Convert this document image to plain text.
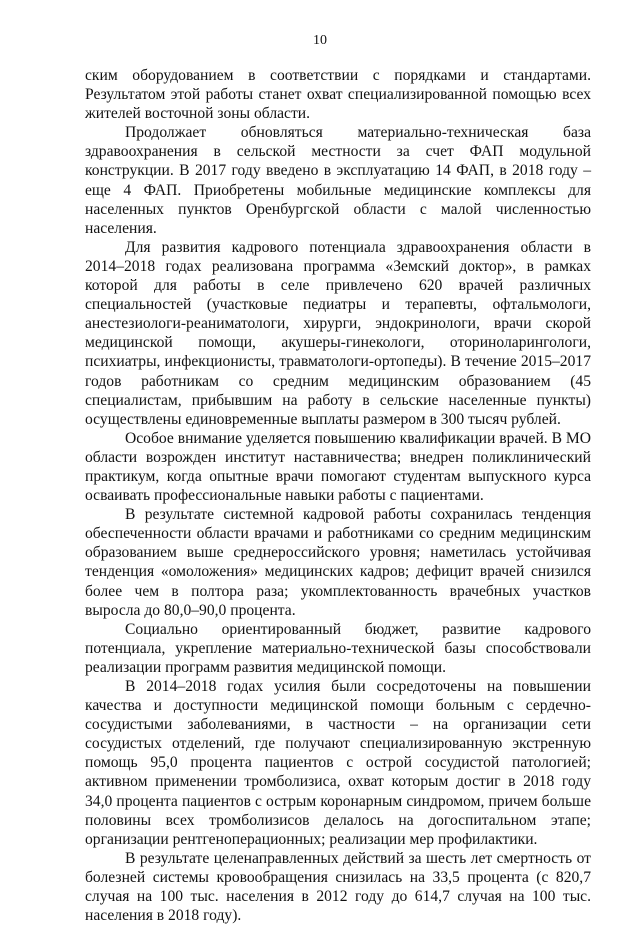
10

ским оборудованием в соответствии с порядками и стандартами. Результатом этой работы станет охват специализированной помощью всех жителей восточной зоны области.

Продолжает обновляться материально-техническая база здравоохранения в сельской местности за счет ФАП модульной конструкции. В 2017 году введено в эксплуатацию 14 ФАП, в 2018 году – еще 4 ФАП. Приобретены мобильные медицинские комплексы для населенных пунктов Оренбургской области с малой численностью населения.

Для развития кадрового потенциала здравоохранения области в 2014–2018 годах реализована программа «Земский доктор», в рамках которой для работы в селе привлечено 620 врачей различных специальностей (участковые педиатры и терапевты, офтальмологи, анестезиологи-реаниматологи, хирурги, эндокринологи, врачи скорой медицинской помощи, акушеры-гинекологи, оториноларингологи, психиатры, инфекционисты, травматологи-ортопеды). В течение 2015–2017 годов работникам со средним медицинским образованием (45 специалистам, прибывшим на работу в сельские населенные пункты) осуществлены единовременные выплаты размером в 300 тысяч рублей.

Особое внимание уделяется повышению квалификации врачей. В МО области возрожден институт наставничества; внедрен поликлинический практикум, когда опытные врачи помогают студентам выпускного курса осваивать профессиональные навыки работы с пациентами.

В результате системной кадровой работы сохранилась тенденция обеспеченности области врачами и работниками со средним медицинским образованием выше среднероссийского уровня; наметилась устойчивая тенденция «омоложения» медицинских кадров; дефицит врачей снизился более чем в полтора раза; укомплектованность врачебных участков выросла до 80,0–90,0 процента.

Социально ориентированный бюджет, развитие кадрового потенциала, укрепление материально-технической базы способствовали реализации программ развития медицинской помощи.

В 2014–2018 годах усилия были сосредоточены на повышении качества и доступности медицинской помощи больным с сердечно-сосудистыми заболеваниями, в частности – на организации сети сосудистых отделений, где получают специализированную экстренную помощь 95,0 процента пациентов с острой сосудистой патологией; активном применении тромболизиса, охват которым достиг в 2018 году 34,0 процента пациентов с острым коронарным синдромом, причем больше половины всех тромболизисов делалось на догоспитальном этапе; организации рентгеноперационных; реализации мер профилактики.

В результате целенаправленных действий за шесть лет смертность от болезней системы кровообращения снизилась на 33,5 процента (с 820,7 случая на 100 тыс. населения в 2012 году до 614,7 случая на 100 тыс. населения в 2018 году).
